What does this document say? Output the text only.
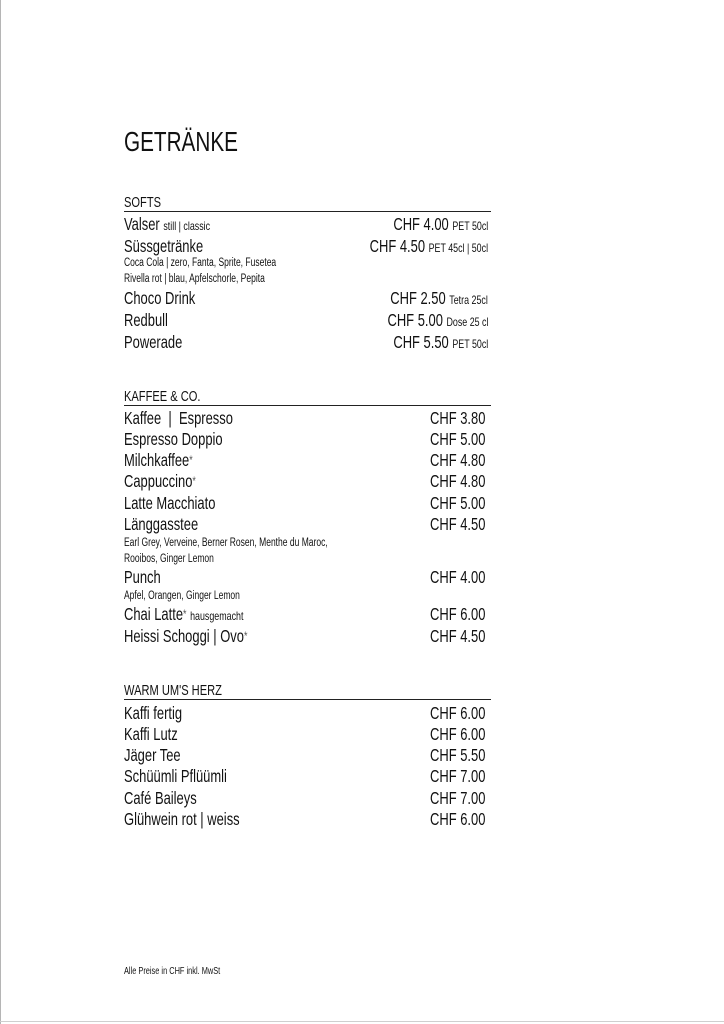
GETRÄNKE
SOFTS
Valser still | classic	CHF 4.00 PET 50cl
Süssgetränke	CHF 4.50 PET 45cl | 50cl
Coca Cola | zero, Fanta, Sprite, Fusetea
Rivella rot | blau, Apfelschorle, Pepita
Choco Drink	CHF 2.50 Tetra 25cl
Redbull	CHF 5.00 Dose 25 cl
Powerade	CHF 5.50 PET 50cl
KAFFEE & CO.
Kaffee  |  Espresso	CHF 3.80
Espresso Doppio	CHF 5.00
Milchkaffee*	CHF 4.80
Cappuccino*	CHF 4.80
Latte Macchiato	CHF 5.00
Länggasstee	CHF 4.50
Earl Grey, Verveine, Berner Rosen, Menthe du Maroc,
Rooibos, Ginger Lemon
Punch	CHF 4.00
Apfel, Orangen, Ginger Lemon
Chai Latte* hausgemacht	CHF 6.00
Heissi Schoggi | Ovo*	CHF 4.50
WARM UM'S HERZ
Kaffi fertig	CHF 6.00
Kaffi Lutz	CHF 6.00
Jäger Tee	CHF 5.50
Schüümli Pflüümli	CHF 7.00
Café Baileys	CHF 7.00
Glühwein rot | weiss	CHF 6.00
Alle Preise in CHF inkl. MwSt
